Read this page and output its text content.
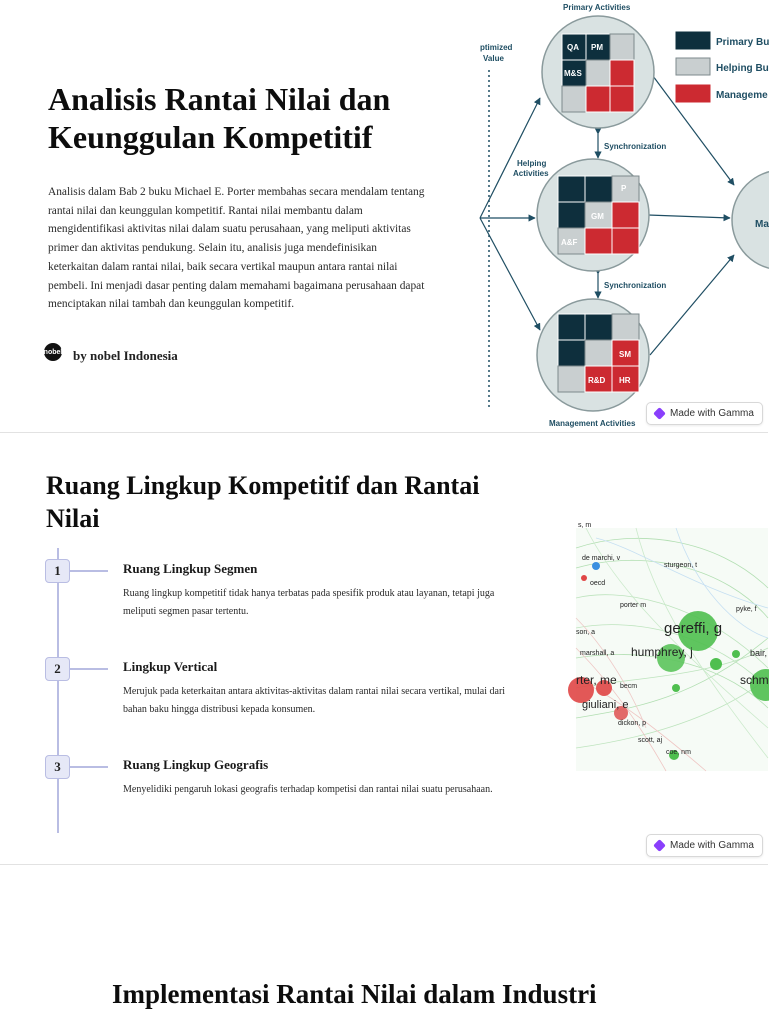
Analisis Rantai Nilai dan Keunggulan Kompetitif

Analisis dalam Bab 2 buku Michael E. Porter membahas secara mendalam tentang rantai nilai dan keunggulan kompetitif. Rantai nilai membantu dalam mengidentifikasi aktivitas nilai dalam suatu perusahaan, yang meliputi aktivitas primer dan aktivitas pendukung. Selain itu, analisis juga mendefinisikan keterkaitan dalam rantai nilai, baik secara vertikal maupun antara rantai nilai pembeli. Ini menjadi dasar penting dalam memahami bagaimana perusahaan dapat menciptakan nilai tambah dan keunggulan kompetitif.

nobel by nobel Indonesia
ptimized
Value
Synchronization
Synchronization
Primary Activities
Helping
Activities
Management Activities
Ma
QA PM
M&S
P
GM
A&F
SM
R&D HR
Primary Bu
Helping Bu
Manageme
Made with Gamma
Ruang Lingkup Kompetitif dan Rantai Nilai
1	Ruang Lingkup Segmen
Ruang lingkup kompetitif tidak hanya terbatas pada spesifik produk atau layanan, tetapi juga meliputi segmen pasar tertentu.
2	Lingkup Vertical
Merujuk pada keterkaitan antara aktivitas-aktivitas dalam rantai nilai secara vertikal, mulai dari bahan baku hingga distribusi kepada konsumen.
3	Ruang Lingkup Geografis
Menyelidiki pengaruh lokasi geografis terhadap kompetisi dan rantai nilai suatu perusahaan.
s, m
de marchi, v
sturgeon, t
oecd
porter m
pyke, f
son, a	gereffi, g
humphrey, j	bair,
marshall, a
rter, me	schm
becm
giuliani, e
dickon, p
scott, aj
coe, nm
Made with Gamma
Implementasi Rantai Nilai dalam Industri
